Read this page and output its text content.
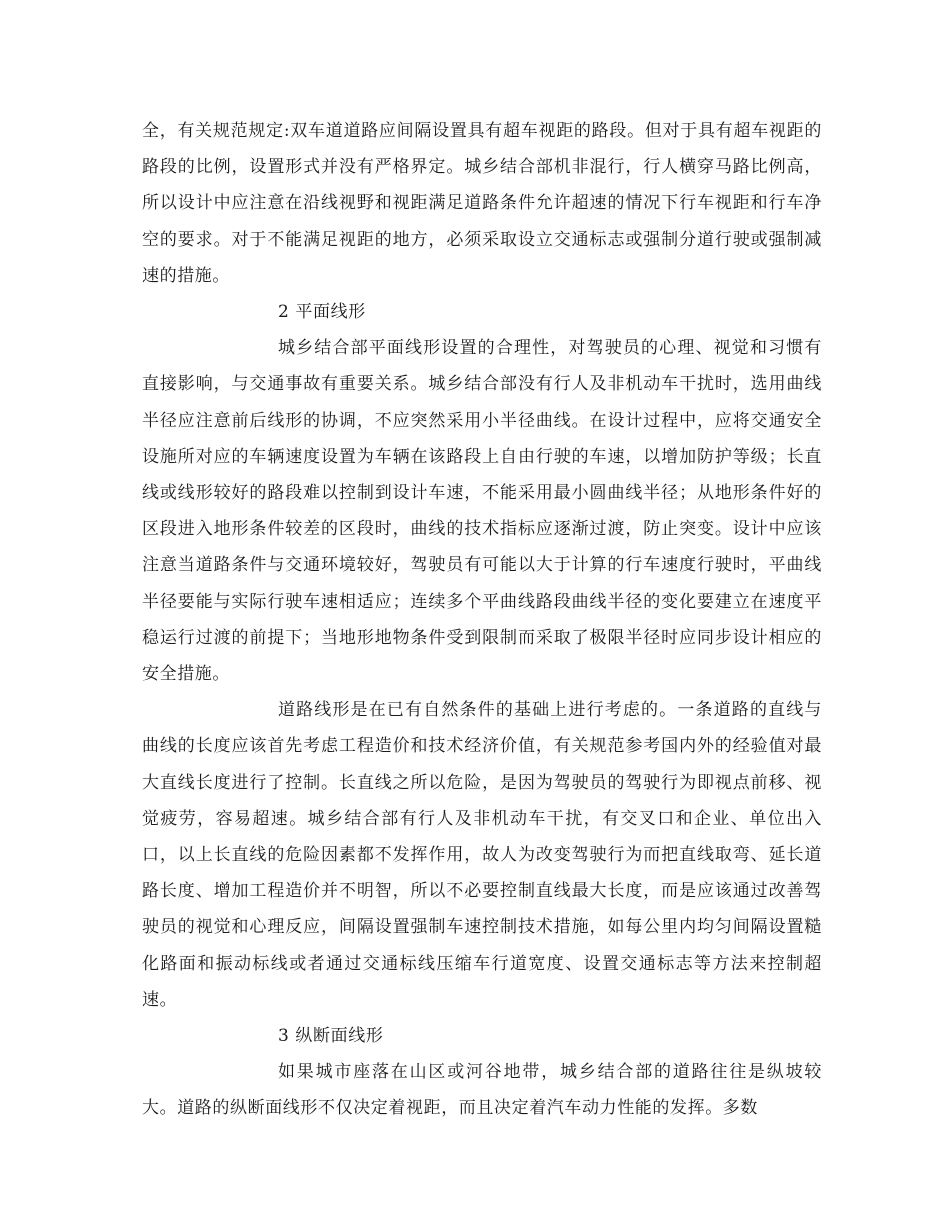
全，有关规范规定:双车道道路应间隔设置具有超车视距的路段。但对于具有超车视距的路段的比例，设置形式并没有严格界定。城乡结合部机非混行，行人横穿马路比例高，所以设计中应注意在沿线视野和视距满足道路条件允许超速的情况下行车视距和行车净空的要求。对于不能满足视距的地方，必须采取设立交通标志或强制分道行驶或强制减速的措施。

2 平面线形

城乡结合部平面线形设置的合理性，对驾驶员的心理、视觉和习惯有直接影响，与交通事故有重要关系。城乡结合部没有行人及非机动车干扰时，选用曲线半径应注意前后线形的协调，不应突然采用小半径曲线。在设计过程中，应将交通安全设施所对应的车辆速度设置为车辆在该路段上自由行驶的车速，以增加防护等级；长直线或线形较好的路段难以控制到设计车速，不能采用最小圆曲线半径；从地形条件好的区段进入地形条件较差的区段时，曲线的技术指标应逐渐过渡，防止突变。设计中应该注意当道路条件与交通环境较好，驾驶员有可能以大于计算的行车速度行驶时，平曲线半径要能与实际行驶车速相适应；连续多个平曲线路段曲线半径的变化要建立在速度平稳运行过渡的前提下；当地形地物条件受到限制而采取了极限半径时应同步设计相应的安全措施。

道路线形是在已有自然条件的基础上进行考虑的。一条道路的直线与曲线的长度应该首先考虑工程造价和技术经济价值，有关规范参考国内外的经验值对最大直线长度进行了控制。长直线之所以危险，是因为驾驶员的驾驶行为即视点前移、视觉疲劳，容易超速。城乡结合部有行人及非机动车干扰，有交叉口和企业、单位出入口，以上长直线的危险因素都不发挥作用，故人为改变驾驶行为而把直线取弯、延长道路长度、增加工程造价并不明智，所以不必要控制直线最大长度，而是应该通过改善驾驶员的视觉和心理反应，间隔设置强制车速控制技术措施，如每公里内均匀间隔设置糙化路面和振动标线或者通过交通标线压缩车行道宽度、设置交通标志等方法来控制超速。

3 纵断面线形

如果城市座落在山区或河谷地带，城乡结合部的道路往往是纵坡较大。道路的纵断面线形不仅决定着视距，而且决定着汽车动力性能的发挥。多数
